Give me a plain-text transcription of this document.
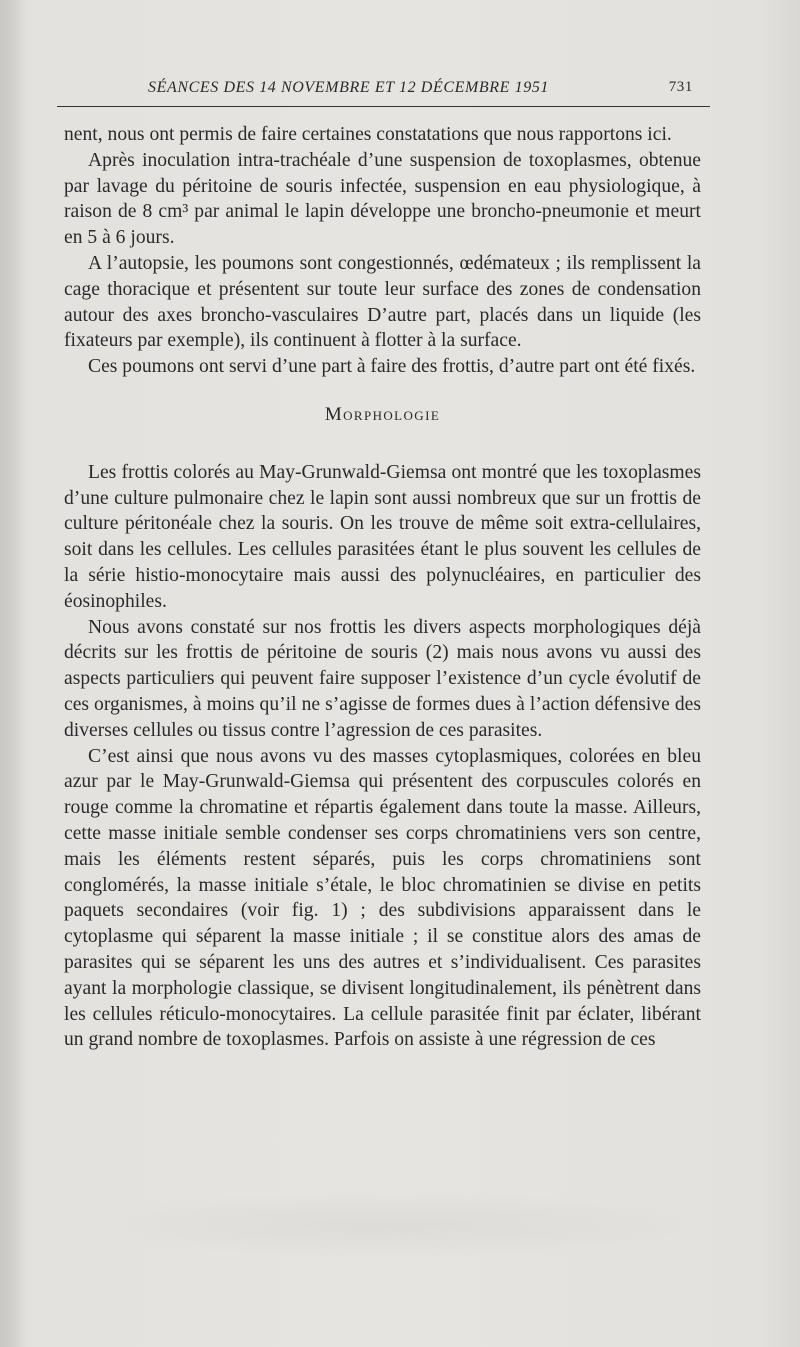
SÉANCES DES 14 NOVEMBRE ET 12 DÉCEMBRE 1951	731

nent, nous ont permis de faire certaines constatations que nous rapportons ici.

Après inoculation intra-trachéale d’une suspension de toxoplasmes, obtenue par lavage du péritoine de souris infectée, suspension en eau physiologique, à raison de 8 cm³ par animal le lapin développe une broncho-pneumonie et meurt en 5 à 6 jours.

A l’autopsie, les poumons sont congestionnés, œdémateux ; ils remplissent la cage thoracique et présentent sur toute leur surface des zones de condensation autour des axes broncho-vasculaires D’autre part, placés dans un liquide (les fixateurs par exemple), ils continuent à flotter à la surface.

Ces poumons ont servi d’une part à faire des frottis, d’autre part ont été fixés.

Morphologie

Les frottis colorés au May-Grunwald-Giemsa ont montré que les toxoplasmes d’une culture pulmonaire chez le lapin sont aussi nombreux que sur un frottis de culture péritonéale chez la souris. On les trouve de même soit extra-cellulaires, soit dans les cellules. Les cellules parasitées étant le plus souvent les cellules de la série histio-monocytaire mais aussi des polynucléaires, en particulier des éosinophiles.

Nous avons constaté sur nos frottis les divers aspects morphologiques déjà décrits sur les frottis de péritoine de souris (2) mais nous avons vu aussi des aspects particuliers qui peuvent faire supposer l’existence d’un cycle évolutif de ces organismes, à moins qu’il ne s’agisse de formes dues à l’action défensive des diverses cellules ou tissus contre l’agression de ces parasites.

C’est ainsi que nous avons vu des masses cytoplasmiques, colorées en bleu azur par le May-Grunwald-Giemsa qui présentent des corpuscules colorés en rouge comme la chromatine et répartis également dans toute la masse. Ailleurs, cette masse initiale semble condenser ses corps chromatiniens vers son centre, mais les éléments restent séparés, puis les corps chromatiniens sont conglomérés, la masse initiale s’étale, le bloc chromatinien se divise en petits paquets secondaires (voir fig. 1) ; des subdivisions apparaissent dans le cytoplasme qui séparent la masse initiale ; il se constitue alors des amas de parasites qui se séparent les uns des autres et s’individualisent. Ces parasites ayant la morphologie classique, se divisent longitudinalement, ils pénètrent dans les cellules réticulo-monocytaires. La cellule parasitée finit par éclater, libérant un grand nombre de toxoplasmes. Parfois on assiste à une régression de ces
